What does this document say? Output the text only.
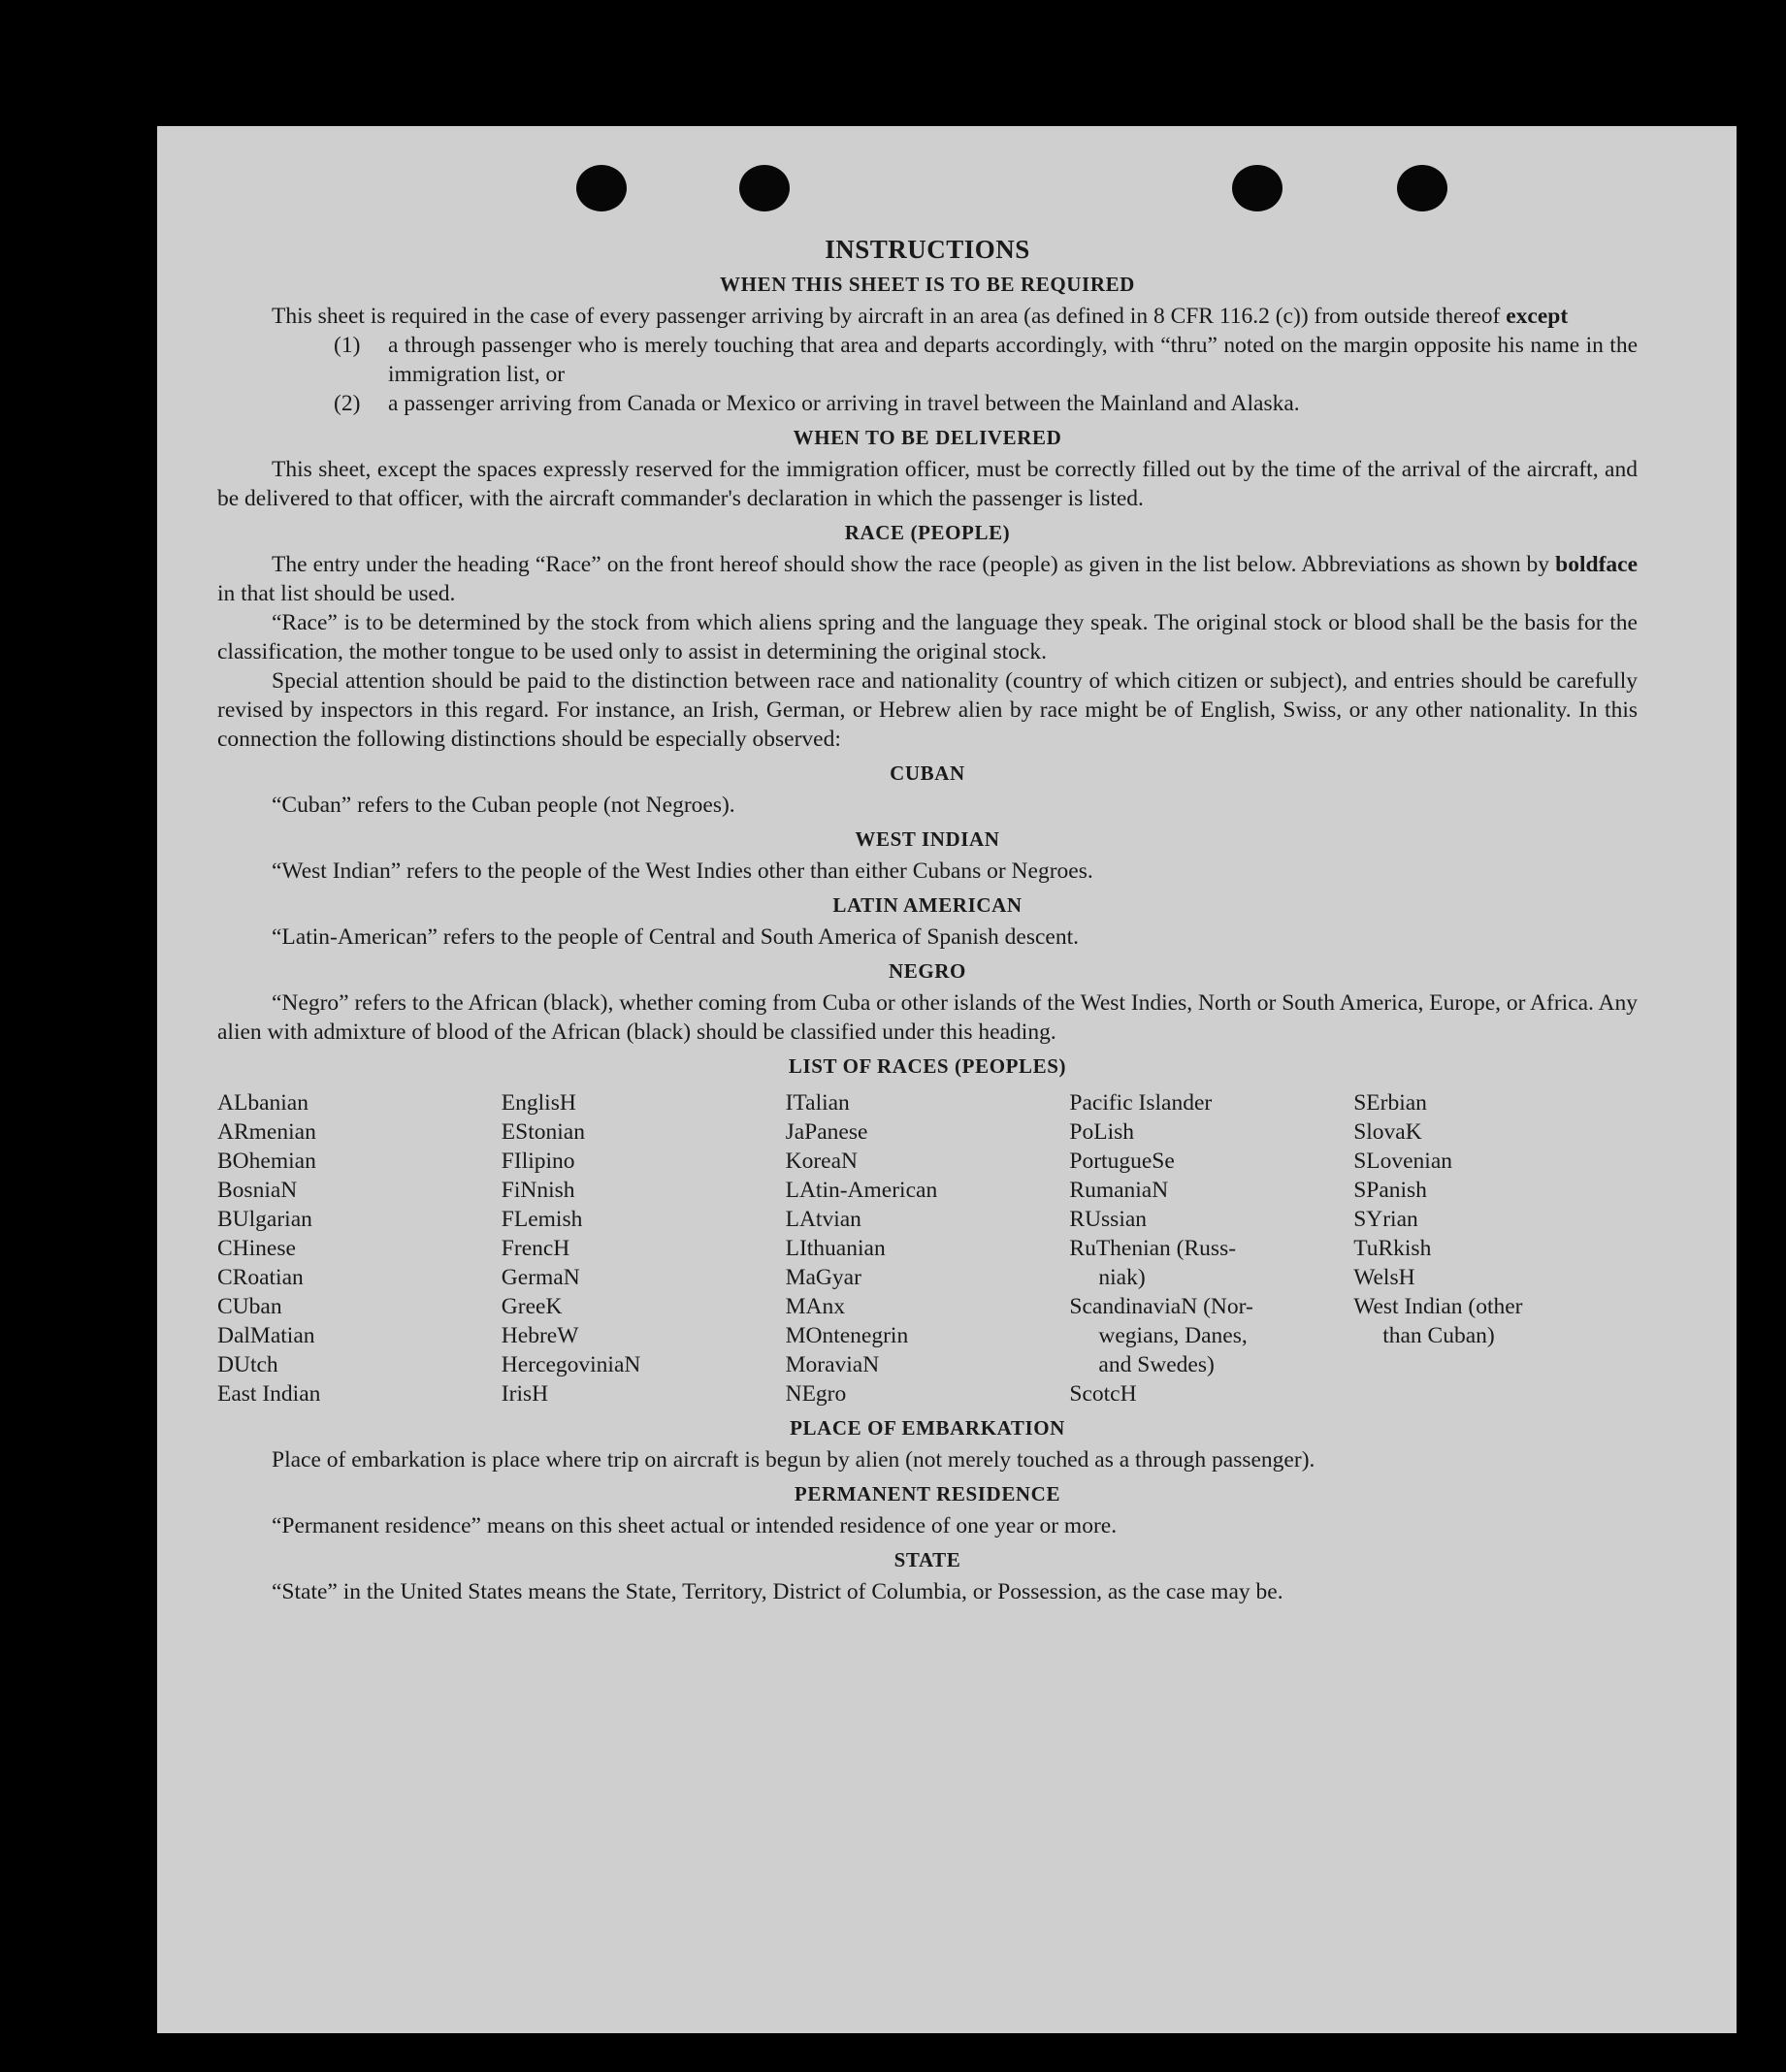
INSTRUCTIONS
WHEN THIS SHEET IS TO BE REQUIRED

This sheet is required in the case of every passenger arriving by aircraft in an area (as defined in 8 CFR 116.2 (c)) from outside thereof except

(1)	a through passenger who is merely touching that area and departs accordingly, with “thru” noted on the margin opposite his name in the immigration list, or
(2)	a passenger arriving from Canada or Mexico or arriving in travel between the Mainland and Alaska.
WHEN TO BE DELIVERED

This sheet, except the spaces expressly reserved for the immigration officer, must be correctly filled out by the time of the arrival of the aircraft, and be delivered to that officer, with the aircraft commander's declaration in which the passenger is listed.

RACE (PEOPLE)

The entry under the heading “Race” on the front hereof should show the race (people) as given in the list below. Abbreviations as shown by boldface in that list should be used.

“Race” is to be determined by the stock from which aliens spring and the language they speak. The original stock or blood shall be the basis for the classification, the mother tongue to be used only to assist in determining the original stock.

Special attention should be paid to the distinction between race and nationality (country of which citizen or subject), and entries should be carefully revised by inspectors in this regard. For instance, an Irish, German, or Hebrew alien by race might be of English, Swiss, or any other nationality. In this connection the following distinctions should be especially observed:

CUBAN

“Cuban” refers to the Cuban people (not Negroes).

WEST INDIAN

“West Indian” refers to the people of the West Indies other than either Cubans or Negroes.

LATIN AMERICAN

“Latin-American” refers to the people of Central and South America of Spanish descent.

NEGRO

“Negro” refers to the African (black), whether coming from Cuba or other islands of the West Indies, North or South America, Europe, or Africa. Any alien with admixture of blood of the African (black) should be classified under this heading.

LIST OF RACES (PEOPLES)
ALbanian
ARmenian
BOhemian
BosniaN
BUlgarian
CHinese
CRoatian
CUban
DalMatian
DUtch
East Indian
EnglisH
EStonian
FIlipino
FiNnish
FLemish
FrencH
GermaN
GreeK
HebreW
HercegoviniaN
IrisH
ITalian
JaPanese
KoreaN
LAtin-American
LAtvian
LIthuanian
MaGyar
MAnx
MOntenegrin
MoraviaN
NEgro
Pacific Islander
PoLish
PortugueSe
RumaniaN
RUssian
RuThenian (Russ-
niak)
ScandinaviaN (Nor-
wegians, Danes,
and Swedes)
ScotcH
SErbian
SlovaK
SLovenian
SPanish
SYrian
TuRkish
WelsH
West Indian (other
than Cuban)
PLACE OF EMBARKATION

Place of embarkation is place where trip on aircraft is begun by alien (not merely touched as a through passenger).

PERMANENT RESIDENCE

“Permanent residence” means on this sheet actual or intended residence of one year or more.

STATE

“State” in the United States means the State, Territory, District of Columbia, or Possession, as the case may be.
